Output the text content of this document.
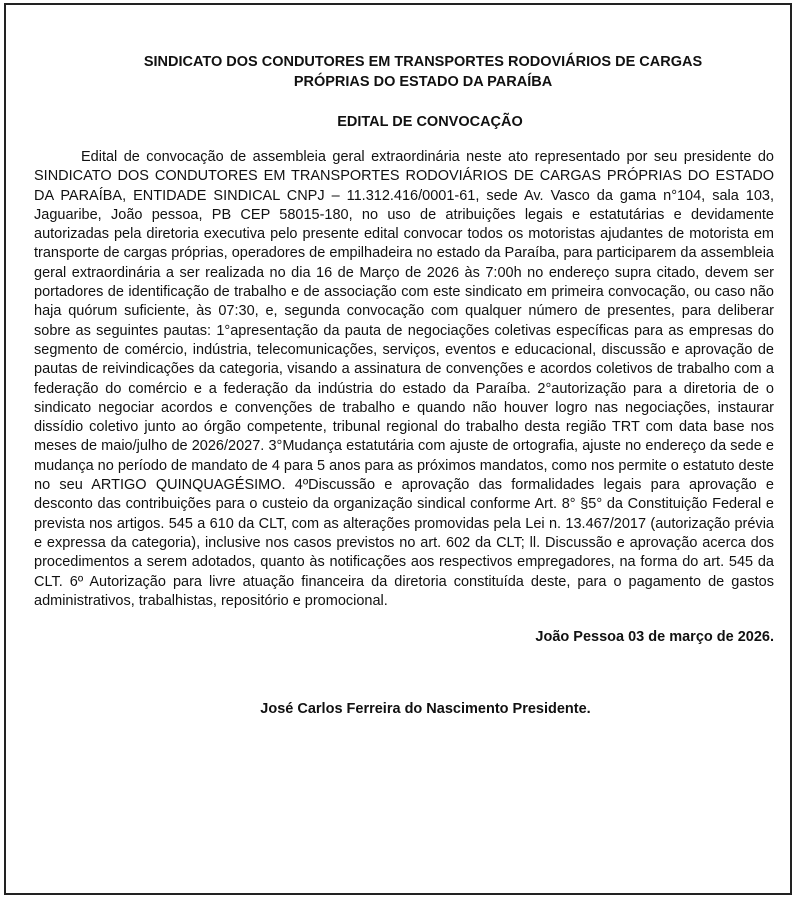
SINDICATO DOS CONDUTORES EM TRANSPORTES RODOVIÁRIOS DE CARGAS
PRÓPRIAS DO ESTADO DA PARAÍBA

EDITAL DE CONVOCAÇÃO

Edital de convocação de assembleia geral extraordinária neste ato representado por seu presidente do SINDICATO DOS CONDUTORES EM TRANSPORTES RODOVIÁRIOS DE CARGAS PRÓPRIAS DO ESTADO DA PARAÍBA, ENTIDADE SINDICAL CNPJ – 11.312.416/0001-61, sede Av. Vasco da gama n°104, sala 103, Jaguaribe, João pessoa, PB CEP 58015-180, no uso de atribuições legais e estatutárias e devidamente autorizadas pela diretoria executiva pelo presente edital convocar todos os motoristas ajudantes de motorista em transporte de cargas próprias, operadores de empilhadeira no estado da Paraíba, para participarem da assembleia geral extraordinária a ser realizada no dia 16 de Março de 2026 às 7:00h no endereço supra citado, devem ser portadores de identificação de trabalho e de associação com este sindicato em primeira convocação, ou caso não haja quórum suficiente, às 07:30, e, segunda convocação com qualquer número de presentes, para deliberar sobre as seguintes pautas: 1°apresentação da pauta de negociações coletivas específicas para as empresas do segmento de comércio, indústria, telecomunicações, serviços, eventos e educacional, discussão e aprovação de pautas de reivindicações da categoria, visando a assinatura de convenções e acordos coletivos de trabalho com a federação do comércio e a federação da indústria do estado da Paraíba. 2°autorização para a diretoria de o sindicato negociar acordos e convenções de trabalho e quando não houver logro nas negociações, instaurar dissídio coletivo junto ao órgão competente, tribunal regional do trabalho desta região TRT com data base nos meses de maio/julho de 2026/2027. 3°Mudança estatutária com ajuste de ortografia, ajuste no endereço da sede e mudança no período de mandato de 4 para 5 anos para as próximos mandatos, como nos permite o estatuto deste no seu ARTIGO QUINQUAGÉSIMO. 4ºDiscussão e aprovação das formalidades legais para aprovação e desconto das contribuições para o custeio da organização sindical conforme Art. 8° §5° da Constituição Federal e prevista nos artigos. 545 a 610 da CLT, com as alterações promovidas pela Lei n. 13.467/2017 (autorização prévia e expressa da categoria), inclusive nos casos previstos no art. 602 da CLT; ll. Discussão e aprovação acerca dos procedimentos a serem adotados, quanto às notificações aos respectivos empregadores, na forma do art. 545 da CLT. 6º Autorização para livre atuação financeira da diretoria constituída deste, para o pagamento de gastos administrativos, trabalhistas, repositório e promocional.

João Pessoa 03 de março de 2026.

José Carlos Ferreira do Nascimento Presidente.
